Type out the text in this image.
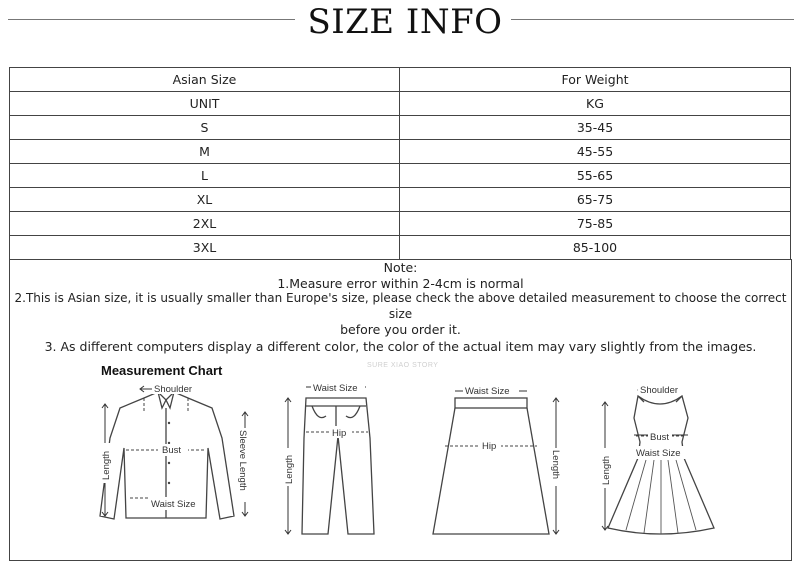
SIZE INFO
Asian Size	For Weight
UNIT	KG
S	35-45
M	45-55
L	55-65
XL	65-75
2XL	75-85
3XL	85-100
Note:
1.Measure error within 2-4cm is normal
2.This is Asian size, it is usually smaller than Europe's size, please check the above detailed measurement to choose the correct size
before you order it.
3. As different computers display a different color, the color of the actual item may vary slightly from the images.
Measurement Chart	SURE XIAO STORY
Shoulder
Bust
Waist Size
Length	Sleeve Length
Waist Size
Hip
Length
Waist Size
Hip
Length
Shoulder
Bust
Waist Size
Length
